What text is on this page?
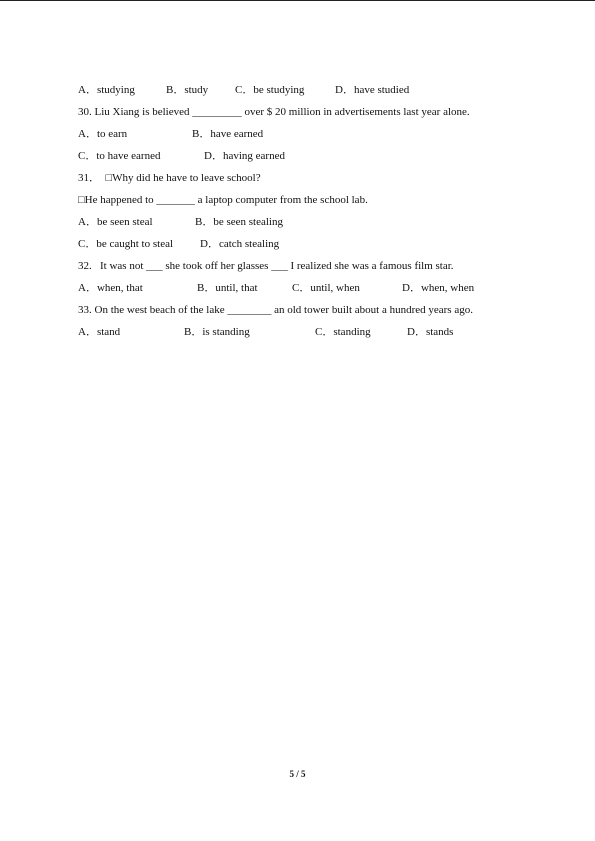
A．studying	B．study C．be studying	D．have studied
30. Liu Xiang is believed _________ over $ 20 million in advertisements last year alone.
A．to earn	B．have earned
C．to have earned	D．having earned
31．  □Why did he have to leave school?
□He happened to _______ a laptop computer from the school lab.
A．be seen steal	B．be seen stealing
C．be caught to steal D．catch stealing
32.   It was not ___ she took off her glasses ___ I realized she was a famous film star.
A．when, that	B．until, that	C．until, when	D．when, when
33. On the west beach of the lake ________ an old tower built about a hundred years ago.
A．stand	B．is standing	C．standing	D．stands
5 / 5
